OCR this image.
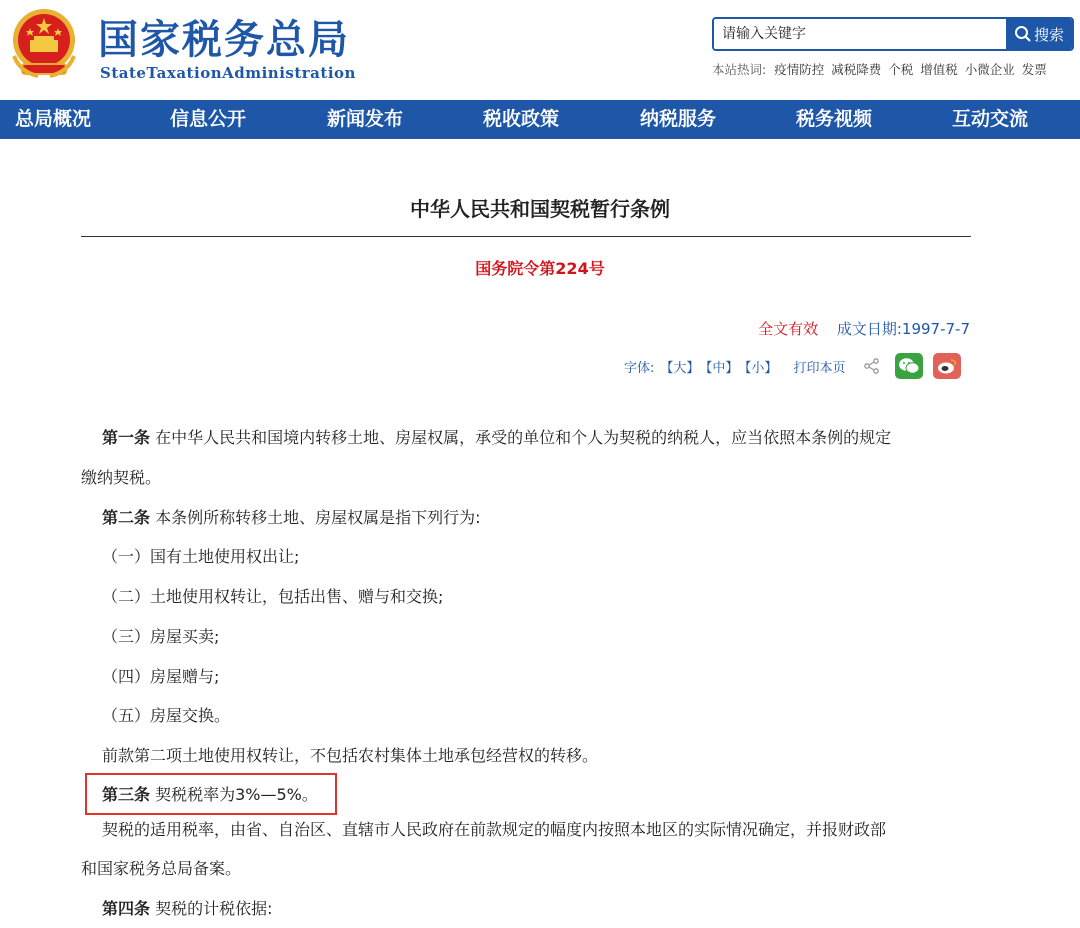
国家税务总局
StateTaxationAdministration
请输入关键字
搜索
本站热词: 疫情防控 减税降费 个税 增值税 小微企业 发票
总局概况	信息公开	新闻发布	税收政策	纳税服务	税务视频	互动交流
中华人民共和国契税暂行条例
国务院令第224号
全文有效 成文日期:1997-7-7
字体: 【大】 【中】 【小】 打印本页
第一条 在中华人民共和国境内转移土地、房屋权属，承受的单位和个人为契税的纳税人，应当依照本条例的规定
缴纳契税。
第二条 本条例所称转移土地、房屋权属是指下列行为:
（一）国有土地使用权出让;
（二）土地使用权转让，包括出售、赠与和交换;
（三）房屋买卖;
（四）房屋赠与;
（五）房屋交换。
前款第二项土地使用权转让，不包括农村集体土地承包经营权的转移。
第三条 契税税率为3%—5%。
契税的适用税率，由省、自治区、直辖市人民政府在前款规定的幅度内按照本地区的实际情况确定，并报财政部
和国家税务总局备案。
第四条 契税的计税依据:
